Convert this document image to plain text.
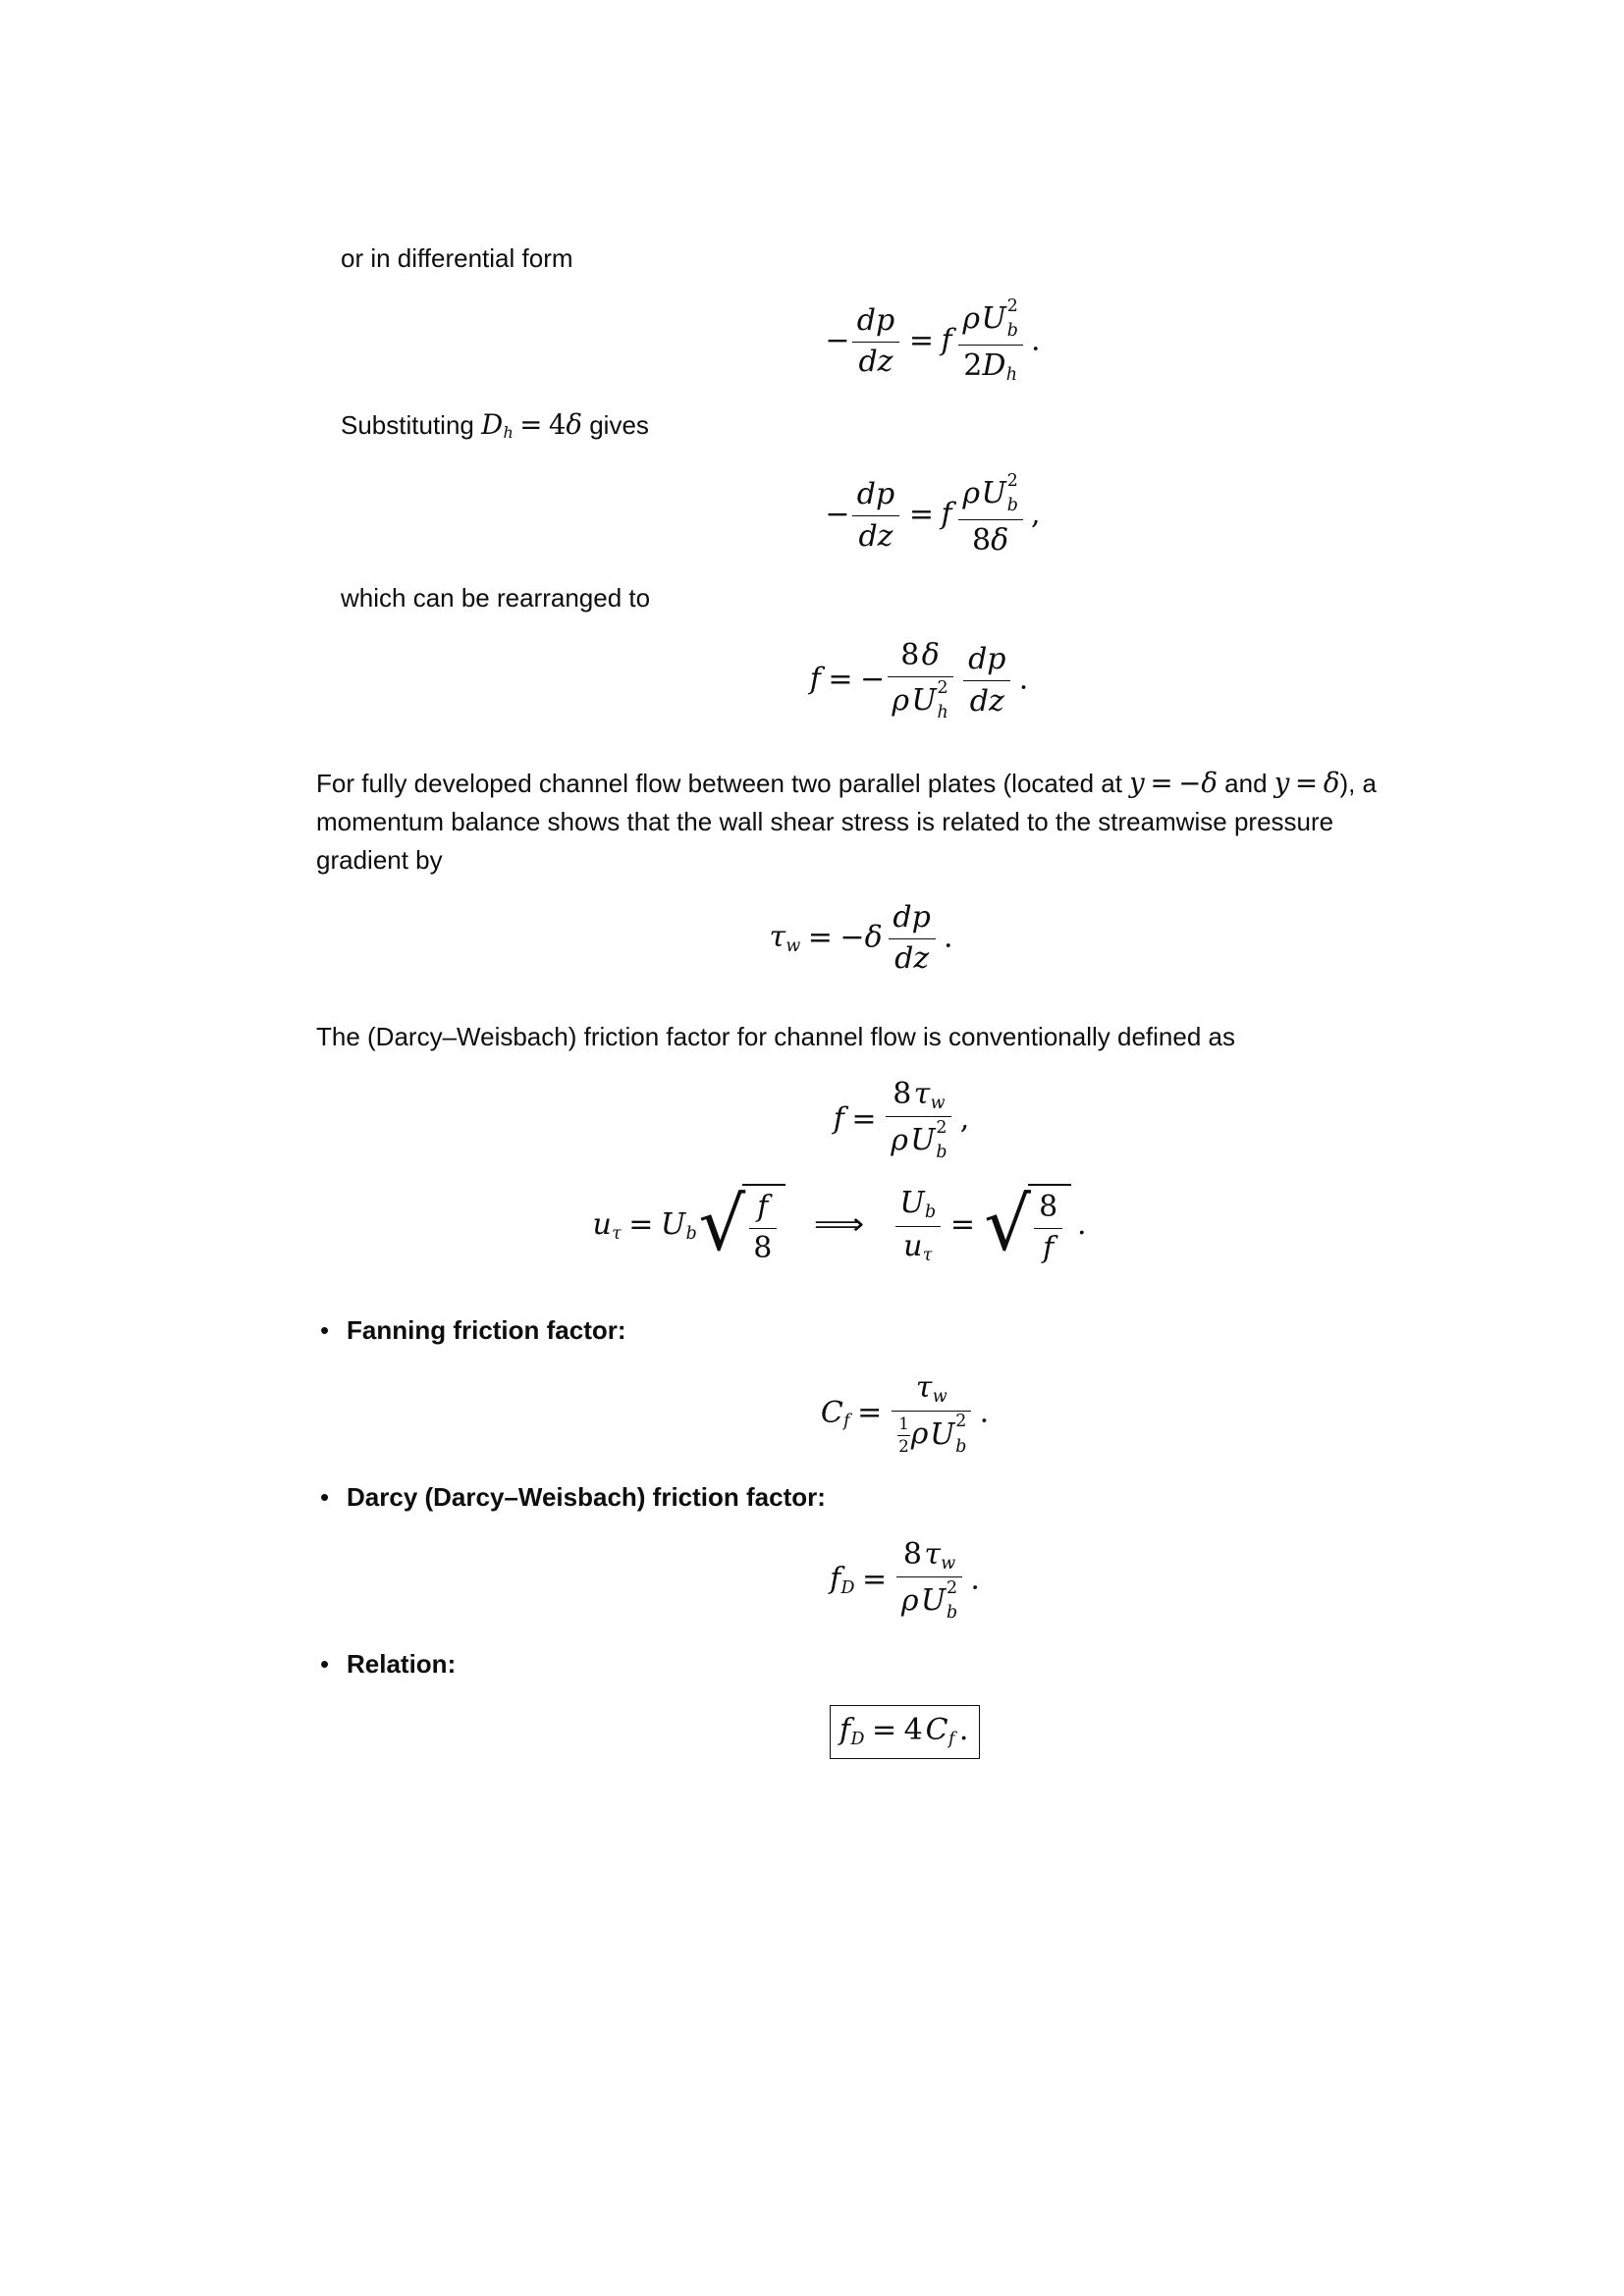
or in differential form

− $\frac{dp}{dz} = f$ ρU 2
b
2Dh .

Substituting Dh = 4δ gives

− $\frac{dp}{dz} = f$ ρU 2
b
8δ ,

which can be rearranged to

f = − 8δ
ρU 2
h $\frac{dp}{dz}$ .

For fully developed channel flow between two parallel plates (located at y = −δ and y = δ), a momentum balance shows that the wall shear stress is related to the streamwise pressure gradient by

$\tau w = -\delta \frac{dp}{dz}$ .

The (Darcy–Weisbach) friction factor for channel flow is conventionally defined as

f = 8τw
ρU 2
b ,
uτ = Ub √ $\frac{f}{8}$ ⟹ $\frac{Ub}{u\tau}$ = √ $\frac{8}{f}$ .
• Fanning friction factor:
Cf = τw
$\frac{1}{2}$ ρU 2
b .
• Darcy (Darcy–Weisbach) friction factor:
fD = 8τw
ρU 2
b .
• Relation:
fD = 4 Cf .
